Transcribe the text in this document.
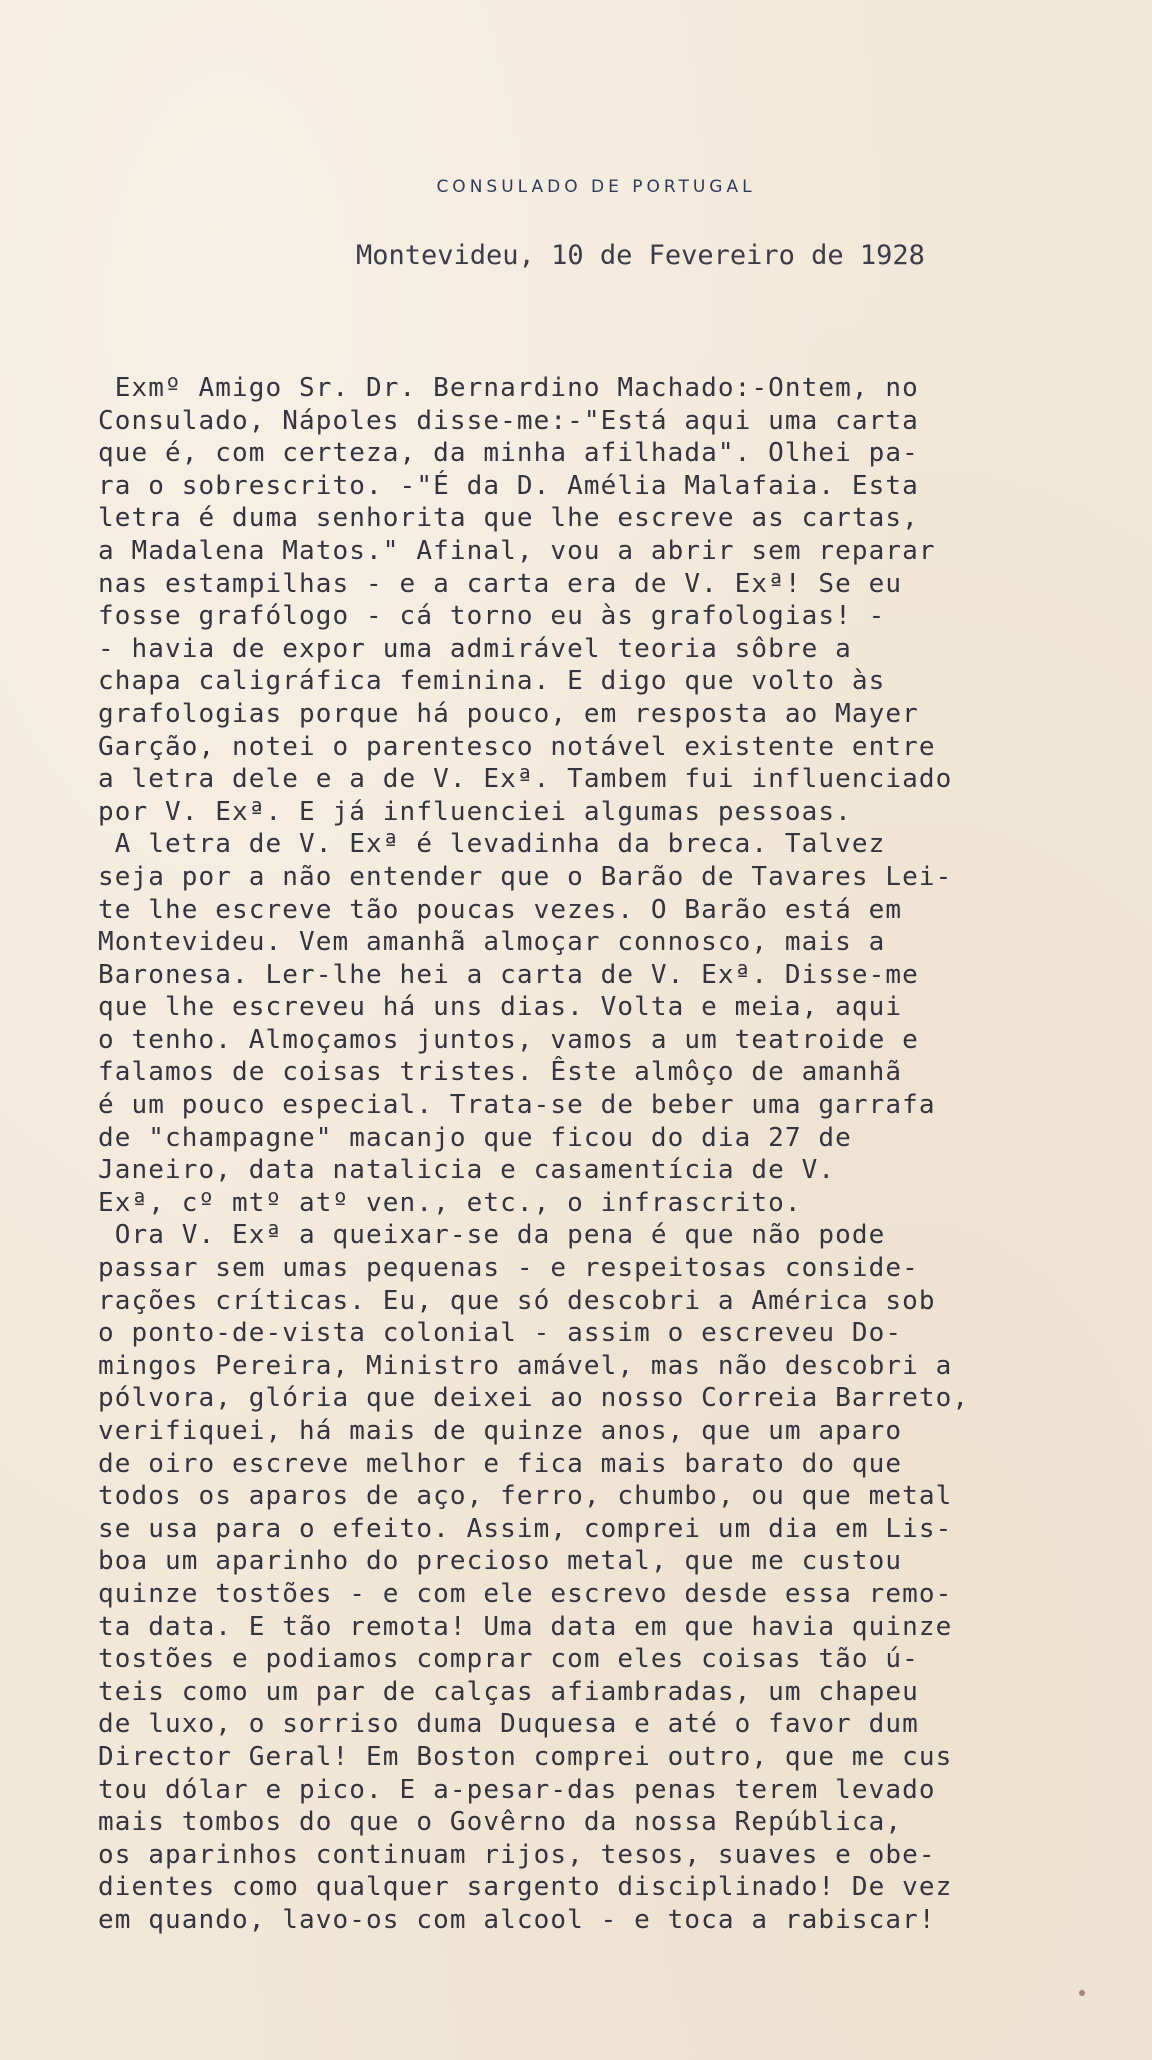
CONSULADO DE PORTUGAL
Montevideu, 10 de Fevereiro de 1928
Exmº Amigo Sr. Dr. Bernardino Machado:-Ontem, no
Consulado, Nápoles disse-me:-"Está aqui uma carta
que é, com certeza, da minha afilhada". Olhei pa-
ra o sobrescrito. -"É da D. Amélia Malafaia. Esta
letra é duma senhorita que lhe escreve as cartas,
a Madalena Matos." Afinal, vou a abrir sem reparar
nas estampilhas - e a carta era de V. Exª! Se eu
fosse grafólogo - cá torno eu às grafologias! -
- havia de expor uma admirável teoria sôbre a
chapa caligráfica feminina. E digo que volto às
grafologias porque há pouco, em resposta ao Mayer
Garção, notei o parentesco notável existente entre
a letra dele e a de V. Exª. Tambem fui influenciado
por V. Exª. E já influenciei algumas pessoas.
A letra de V. Exª é levadinha da breca. Talvez
seja por a não entender que o Barão de Tavares Lei-
te lhe escreve tão poucas vezes. O Barão está em
Montevideu. Vem amanhã almoçar connosco, mais a
Baronesa. Ler-lhe hei a carta de V. Exª. Disse-me
que lhe escreveu há uns dias. Volta e meia, aqui
o tenho. Almoçamos juntos, vamos a um teatroide e
falamos de coisas tristes. Êste almôço de amanhã
é um pouco especial. Trata-se de beber uma garrafa
de "champagne" macanjo que ficou do dia 27 de
Janeiro, data natalicia e casamentícia de V.
Exª, cº mtº atº ven., etc., o infrascrito.
Ora V. Exª a queixar-se da pena é que não pode
passar sem umas pequenas - e respeitosas conside-
rações críticas. Eu, que só descobri a América sob
o ponto-de-vista colonial - assim o escreveu Do-
mingos Pereira, Ministro amável, mas não descobri a
pólvora, glória que deixei ao nosso Correia Barreto,
verifiquei, há mais de quinze anos, que um aparo
de oiro escreve melhor e fica mais barato do que
todos os aparos de aço, ferro, chumbo, ou que metal
se usa para o efeito. Assim, comprei um dia em Lis-
boa um aparinho do precioso metal, que me custou
quinze tostões - e com ele escrevo desde essa remo-
ta data. E tão remota! Uma data em que havia quinze
tostões e podiamos comprar com eles coisas tão ú-
teis como um par de calças afiambradas, um chapeu
de luxo, o sorriso duma Duquesa e até o favor dum
Director Geral! Em Boston comprei outro, que me cus
tou dólar e pico. E a-pesar-das penas terem levado
mais tombos do que o Govêrno da nossa República,
os aparinhos continuam rijos, tesos, suaves e obe-
dientes como qualquer sargento disciplinado! De vez
em quando, lavo-os com alcool - e toca a rabiscar!
